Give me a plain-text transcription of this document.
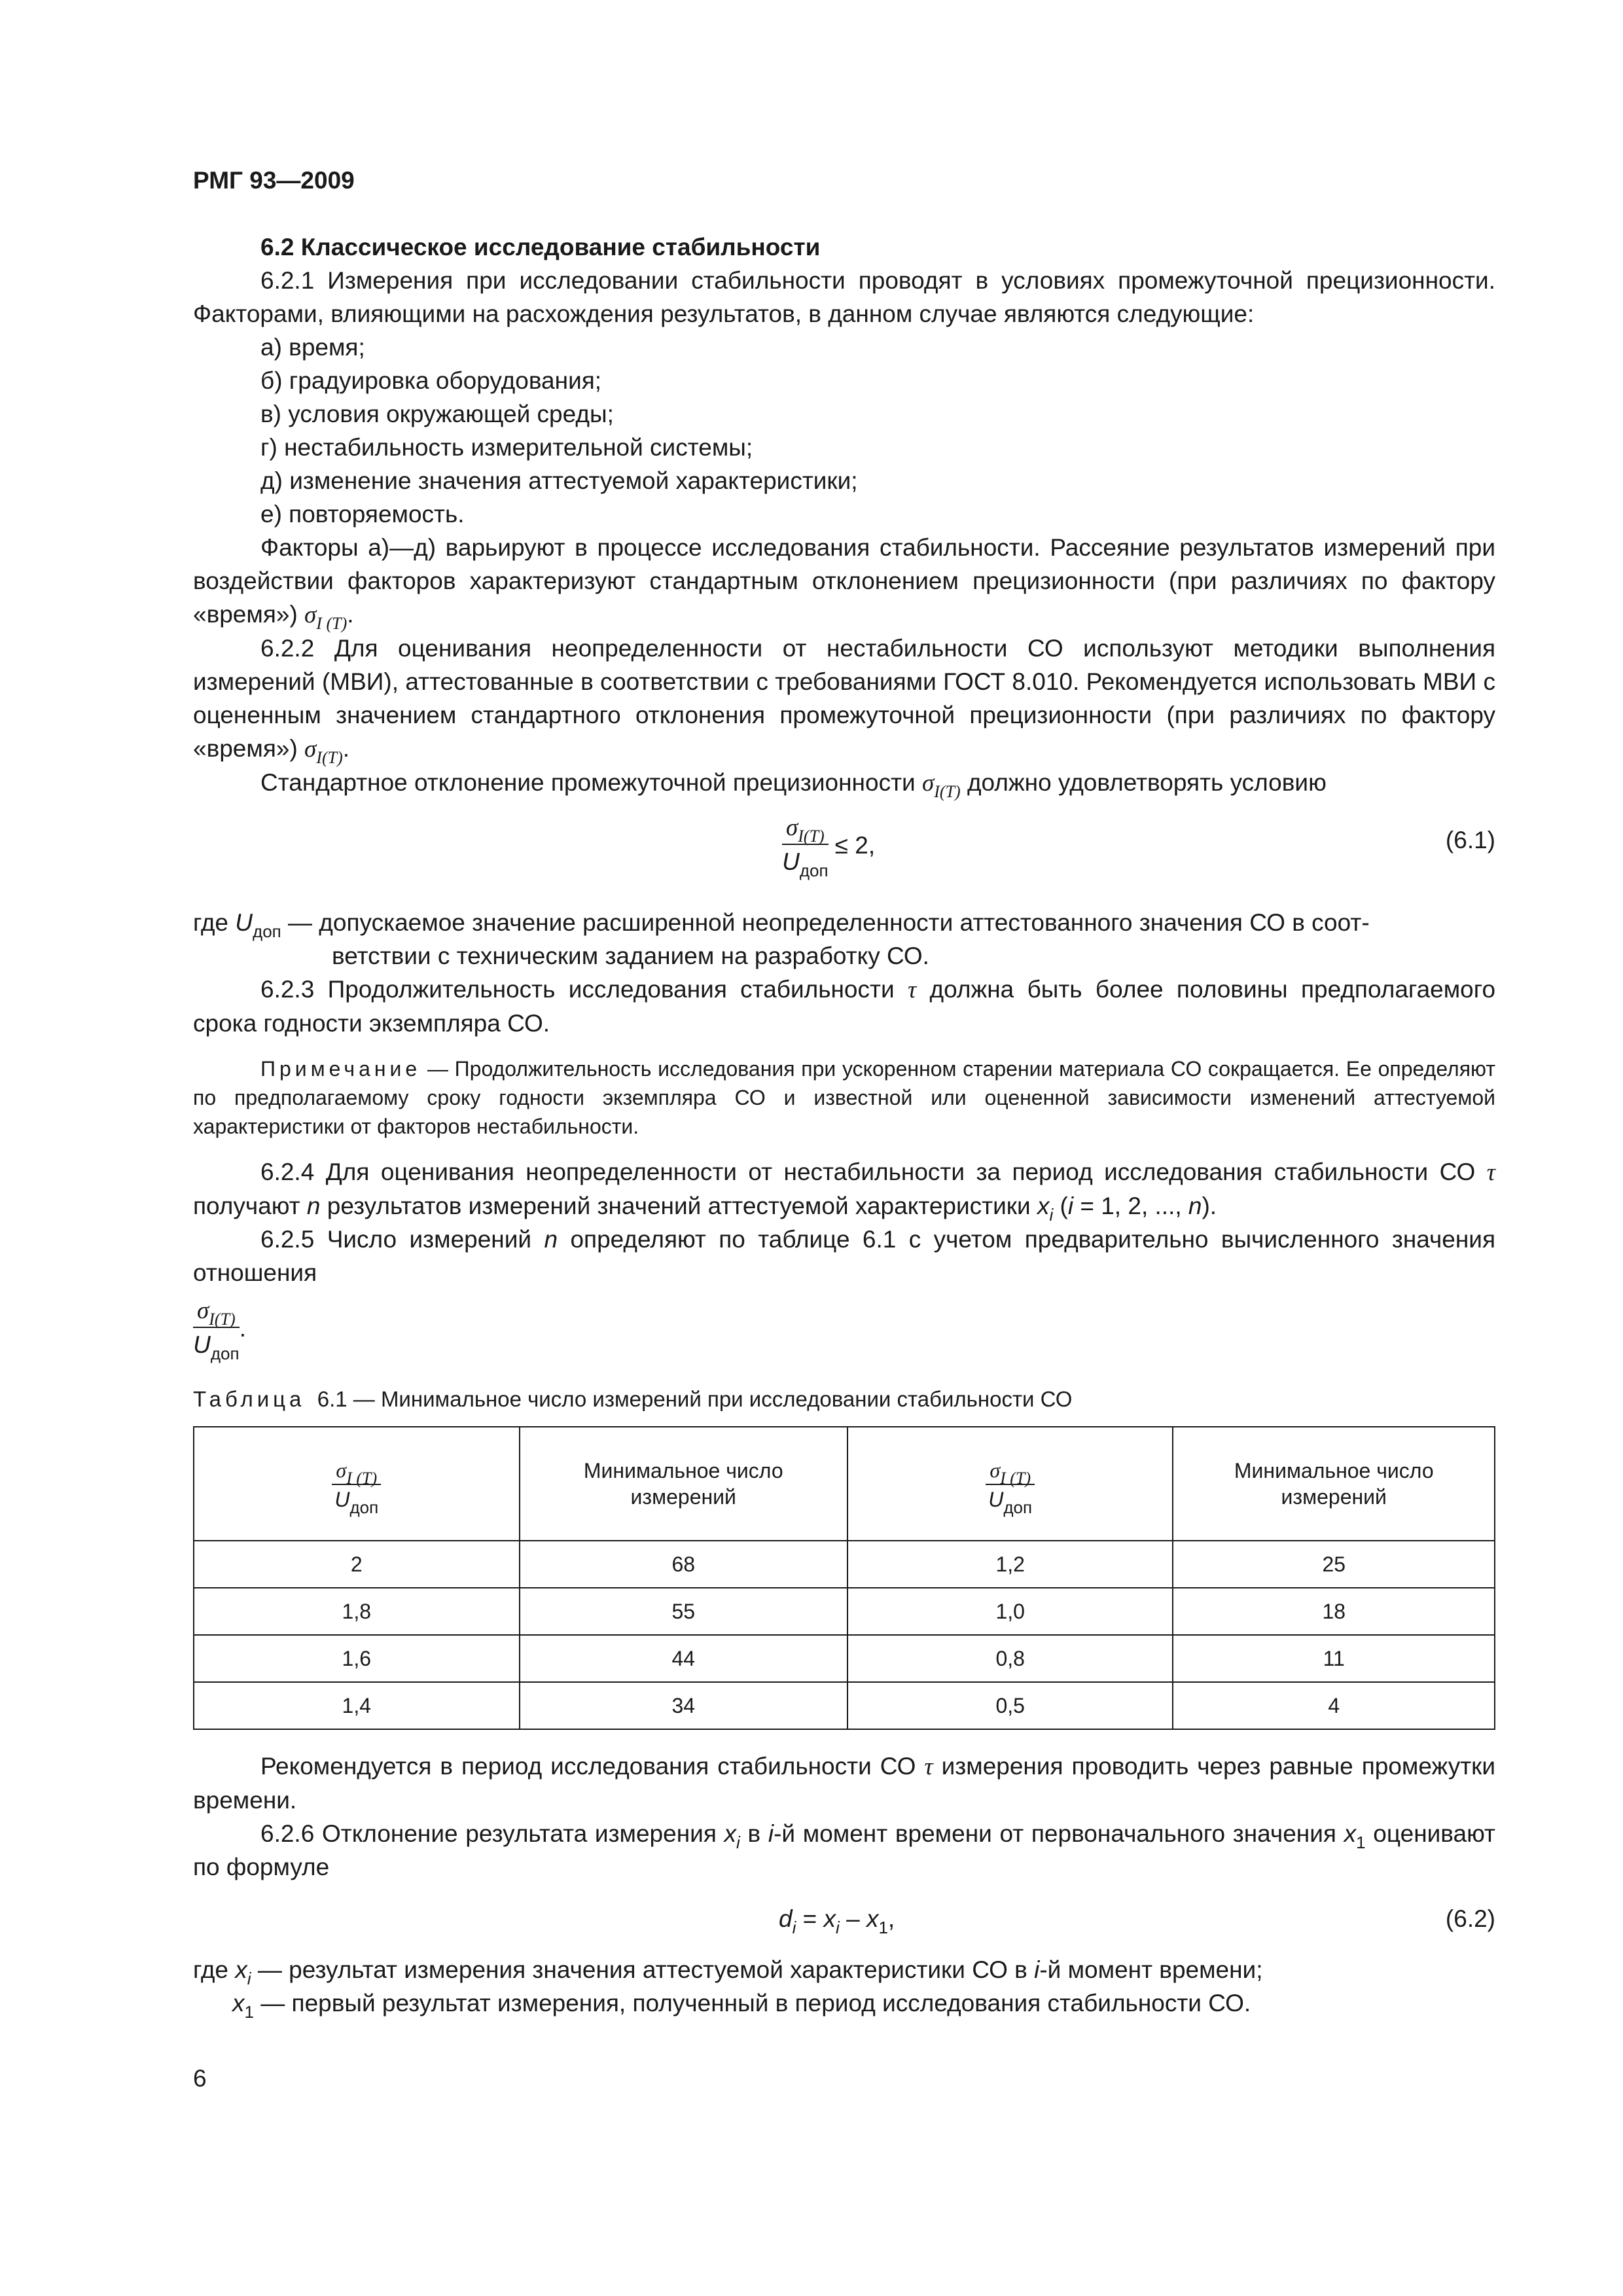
РМГ 93—2009

6.2 Классическое исследование стабильности

6.2.1 Измерения при исследовании стабильности проводят в условиях промежуточной прецизионности. Факторами, влияющими на расхождения результатов, в данном случае являются следующие:

а) время;

б) градуировка оборудования;

в) условия окружающей среды;

г) нестабильность измерительной системы;

д) изменение значения аттестуемой характеристики;

е) повторяемость.

Факторы а)—д) варьируют в процессе исследования стабильности. Рассеяние результатов измерений при воздействии факторов характеризуют стандартным отклонением прецизионности (при различиях по фактору «время») $\sigma_{I (T)}$.

6.2.2 Для оценивания неопределенности от нестабильности СО используют методики выполнения измерений (МВИ), аттестованные в соответствии с требованиями ГОСТ 8.010. Рекомендуется использовать МВИ с оцененным значением стандартного отклонения промежуточной прецизионности (при различиях по фактору «время») $\sigma_{I(T)}$.

Стандартное отклонение промежуточной прецизионности $\sigma_{I(T)}$ должно удовлетворять условию

$\frac{\sigma_{I(T)}}{U_{доп}} \le 2$,	(6.1)

где $U_{доп}$ — допускаемое значение расширенной неопределенности аттестованного значения СО в соот-

ветствии с техническим заданием на разработку СО.

6.2.3 Продолжительность исследования стабильности τ должна быть более половины предполагаемого срока годности экземпляра СО.

Примечание — Продолжительность исследования при ускоренном старении материала СО сокращается. Ее определяют по предполагаемому сроку годности экземпляра СО и известной или оцененной зависимости изменений аттестуемой характеристики от факторов нестабильности.

6.2.4 Для оценивания неопределенности от нестабильности за период исследования стабильности СО τ получают n результатов измерений значений аттестуемой характеристики $x_i$ (i = 1, 2, ..., n).

6.2.5 Число измерений n определяют по таблице 6.1 с учетом предварительно вычисленного значения отношения

$\frac{\sigma_{I(T)}}{U_{доп}}$ .
Таблица 6.1 — Минимальное число измерений при исследовании стабильности СО
$\frac{\sigma_{I (T)}}{U_{доп}}$	Минимальное число измерений	$\frac{\sigma_{I (T)}}{U_{доп}}$	Минимальное число измерений

2	68	1,2	25
1,8	55	1,0	18
1,6	44	0,8	11
1,4	34	0,5	4

Рекомендуется в период исследования стабильности СО τ измерения проводить через равные промежутки времени.

6.2.6 Отклонение результата измерения $x_i$ в i-й момент времени от первоначального значения $x_1$ оценивают по формуле

$d_i = x_i - x_1$,	(6.2)

где $x_i$ — результат измерения значения аттестуемой характеристики СО в i-й момент времени;

$x_1$ — первый результат измерения, полученный в период исследования стабильности СО.

6
